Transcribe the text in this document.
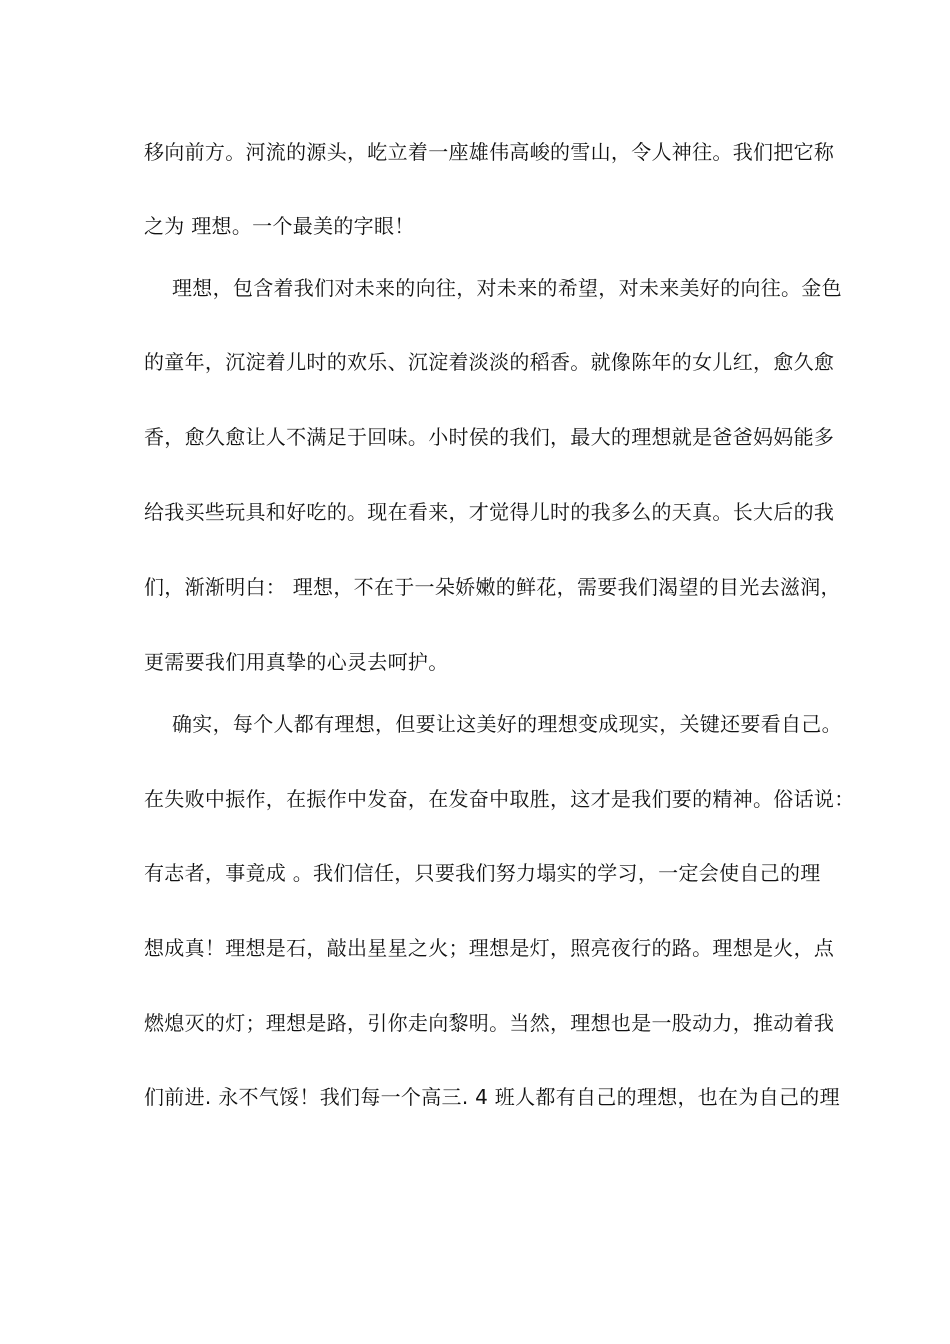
移向前方。河流的源头，屹立着一座雄伟高峻的雪山，令人神往。我们把它称
之为 理想。一个最美的字眼！
理想，包含着我们对未来的向往，对未来的希望，对未来美好的向往。金色
的童年，沉淀着儿时的欢乐、沉淀着淡淡的稻香。就像陈年的女儿红，愈久愈
香，愈久愈让人不满足于回味。小时侯的我们，最大的理想就是爸爸妈妈能多
给我买些玩具和好吃的。现在看来，才觉得儿时的我多么的天真。长大后的我
们，渐渐明白： 理想，不在于一朵娇嫩的鲜花，需要我们渴望的目光去滋润，
更需要我们用真挚的心灵去呵护。
确实，每个人都有理想，但要让这美好的理想变成现实，关键还要看自己。
在失败中振作，在振作中发奋，在发奋中取胜，这才是我们要的精神。俗话说：
有志者，事竟成 。我们信任，只要我们努力塌实的学习，一定会使自己的理
想成真！理想是石，敲出星星之火；理想是灯，照亮夜行的路。理想是火，点
燃熄灭的灯；理想是路，引你走向黎明。当然，理想也是一股动力，推动着我
们前进. 永不气馁！我们每一个高三. 4 班人都有自己的理想，也在为自己的理
